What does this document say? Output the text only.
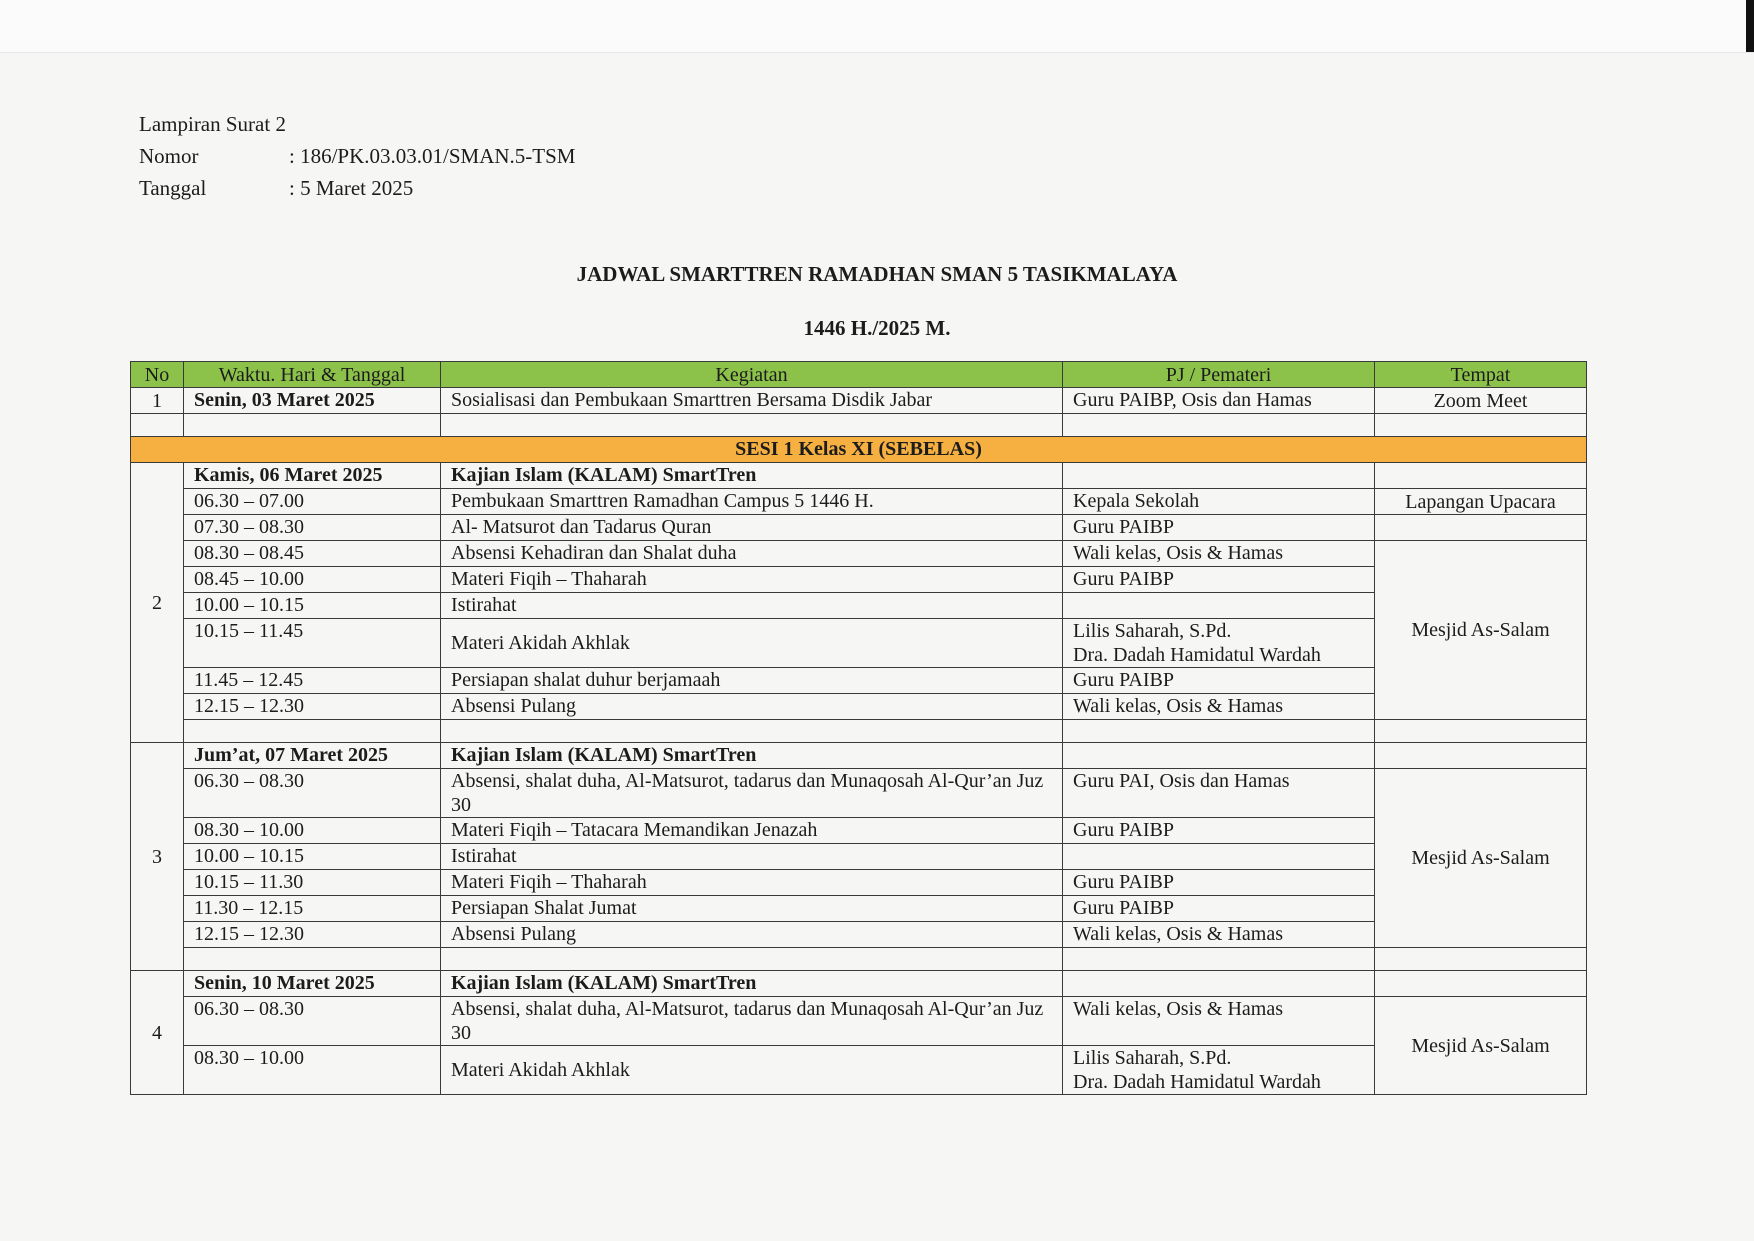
Lampiran Surat 2
Nomor	: 186/PK.03.03.01/SMAN.5-TSM
Tanggal	: 5 Maret 2025
JADWAL SMARTTREN RAMADHAN SMAN 5 TASIKMALAYA
1446 H./2025 M.
No	Waktu. Hari & Tanggal	Kegiatan	PJ / Pemateri	Tempat
1	Senin, 03 Maret 2025	Sosialisasi dan Pembukaan Smarttren Bersama Disdik Jabar	Guru PAIBP, Osis dan Hamas	Zoom Meet

SESI 1 Kelas XI (SEBELAS)				
2	Kamis, 06 Maret 2025	Kajian Islam (KALAM) SmartTren		
	06.30 – 07.00	Pembukaan Smarttren Ramadhan Campus 5 1446 H.	Kepala Sekolah	Lapangan Upacara
	07.30 – 08.30	Al- Matsurot dan Tadarus Quran	Guru PAIBP	
	08.30 – 08.45	Absensi Kehadiran dan Shalat duha	Wali kelas, Osis & Hamas	Mesjid As-Salam
	08.45 – 10.00	Materi Fiqih – Thaharah	Guru PAIBP	
	10.00 – 10.15	Istirahat		
	10.15 – 11.45	Materi Akidah Akhlak	Lilis Saharah, S.Pd.
Dra. Dadah Hamidatul Wardah	

	11.45 – 12.45	Persiapan shalat duhur berjamaah	Guru PAIBP	
	12.15 – 12.30	Absensi Pulang	Wali kelas, Osis & Hamas	

3	Jum’at, 07 Maret 2025	Kajian Islam (KALAM) SmartTren		
	06.30 – 08.30	Absensi, shalat duha, Al-Matsurot, tadarus dan Munaqosah Al-Qur’an Juz 30	Guru PAI, Osis dan Hamas	Mesjid As-Salam
	08.30 – 10.00	Materi Fiqih – Tatacara Memandikan Jenazah	Guru PAIBP	
	10.00 – 10.15	Istirahat		
	10.15 – 11.30	Materi Fiqih – Thaharah	Guru PAIBP	
	11.30 – 12.15	Persiapan Shalat Jumat	Guru PAIBP	
	12.15 – 12.30	Absensi Pulang	Wali kelas, Osis & Hamas	

4	Senin, 10 Maret 2025	Kajian Islam (KALAM) SmartTren		
	06.30 – 08.30	Absensi, shalat duha, Al-Matsurot, tadarus dan Munaqosah Al-Qur’an Juz 30	Wali kelas, Osis & Hamas	Mesjid As-Salam
	08.30 – 10.00	Materi Akidah Akhlak	Lilis Saharah, S.Pd.
Dra. Dadah Hamidatul Wardah	
